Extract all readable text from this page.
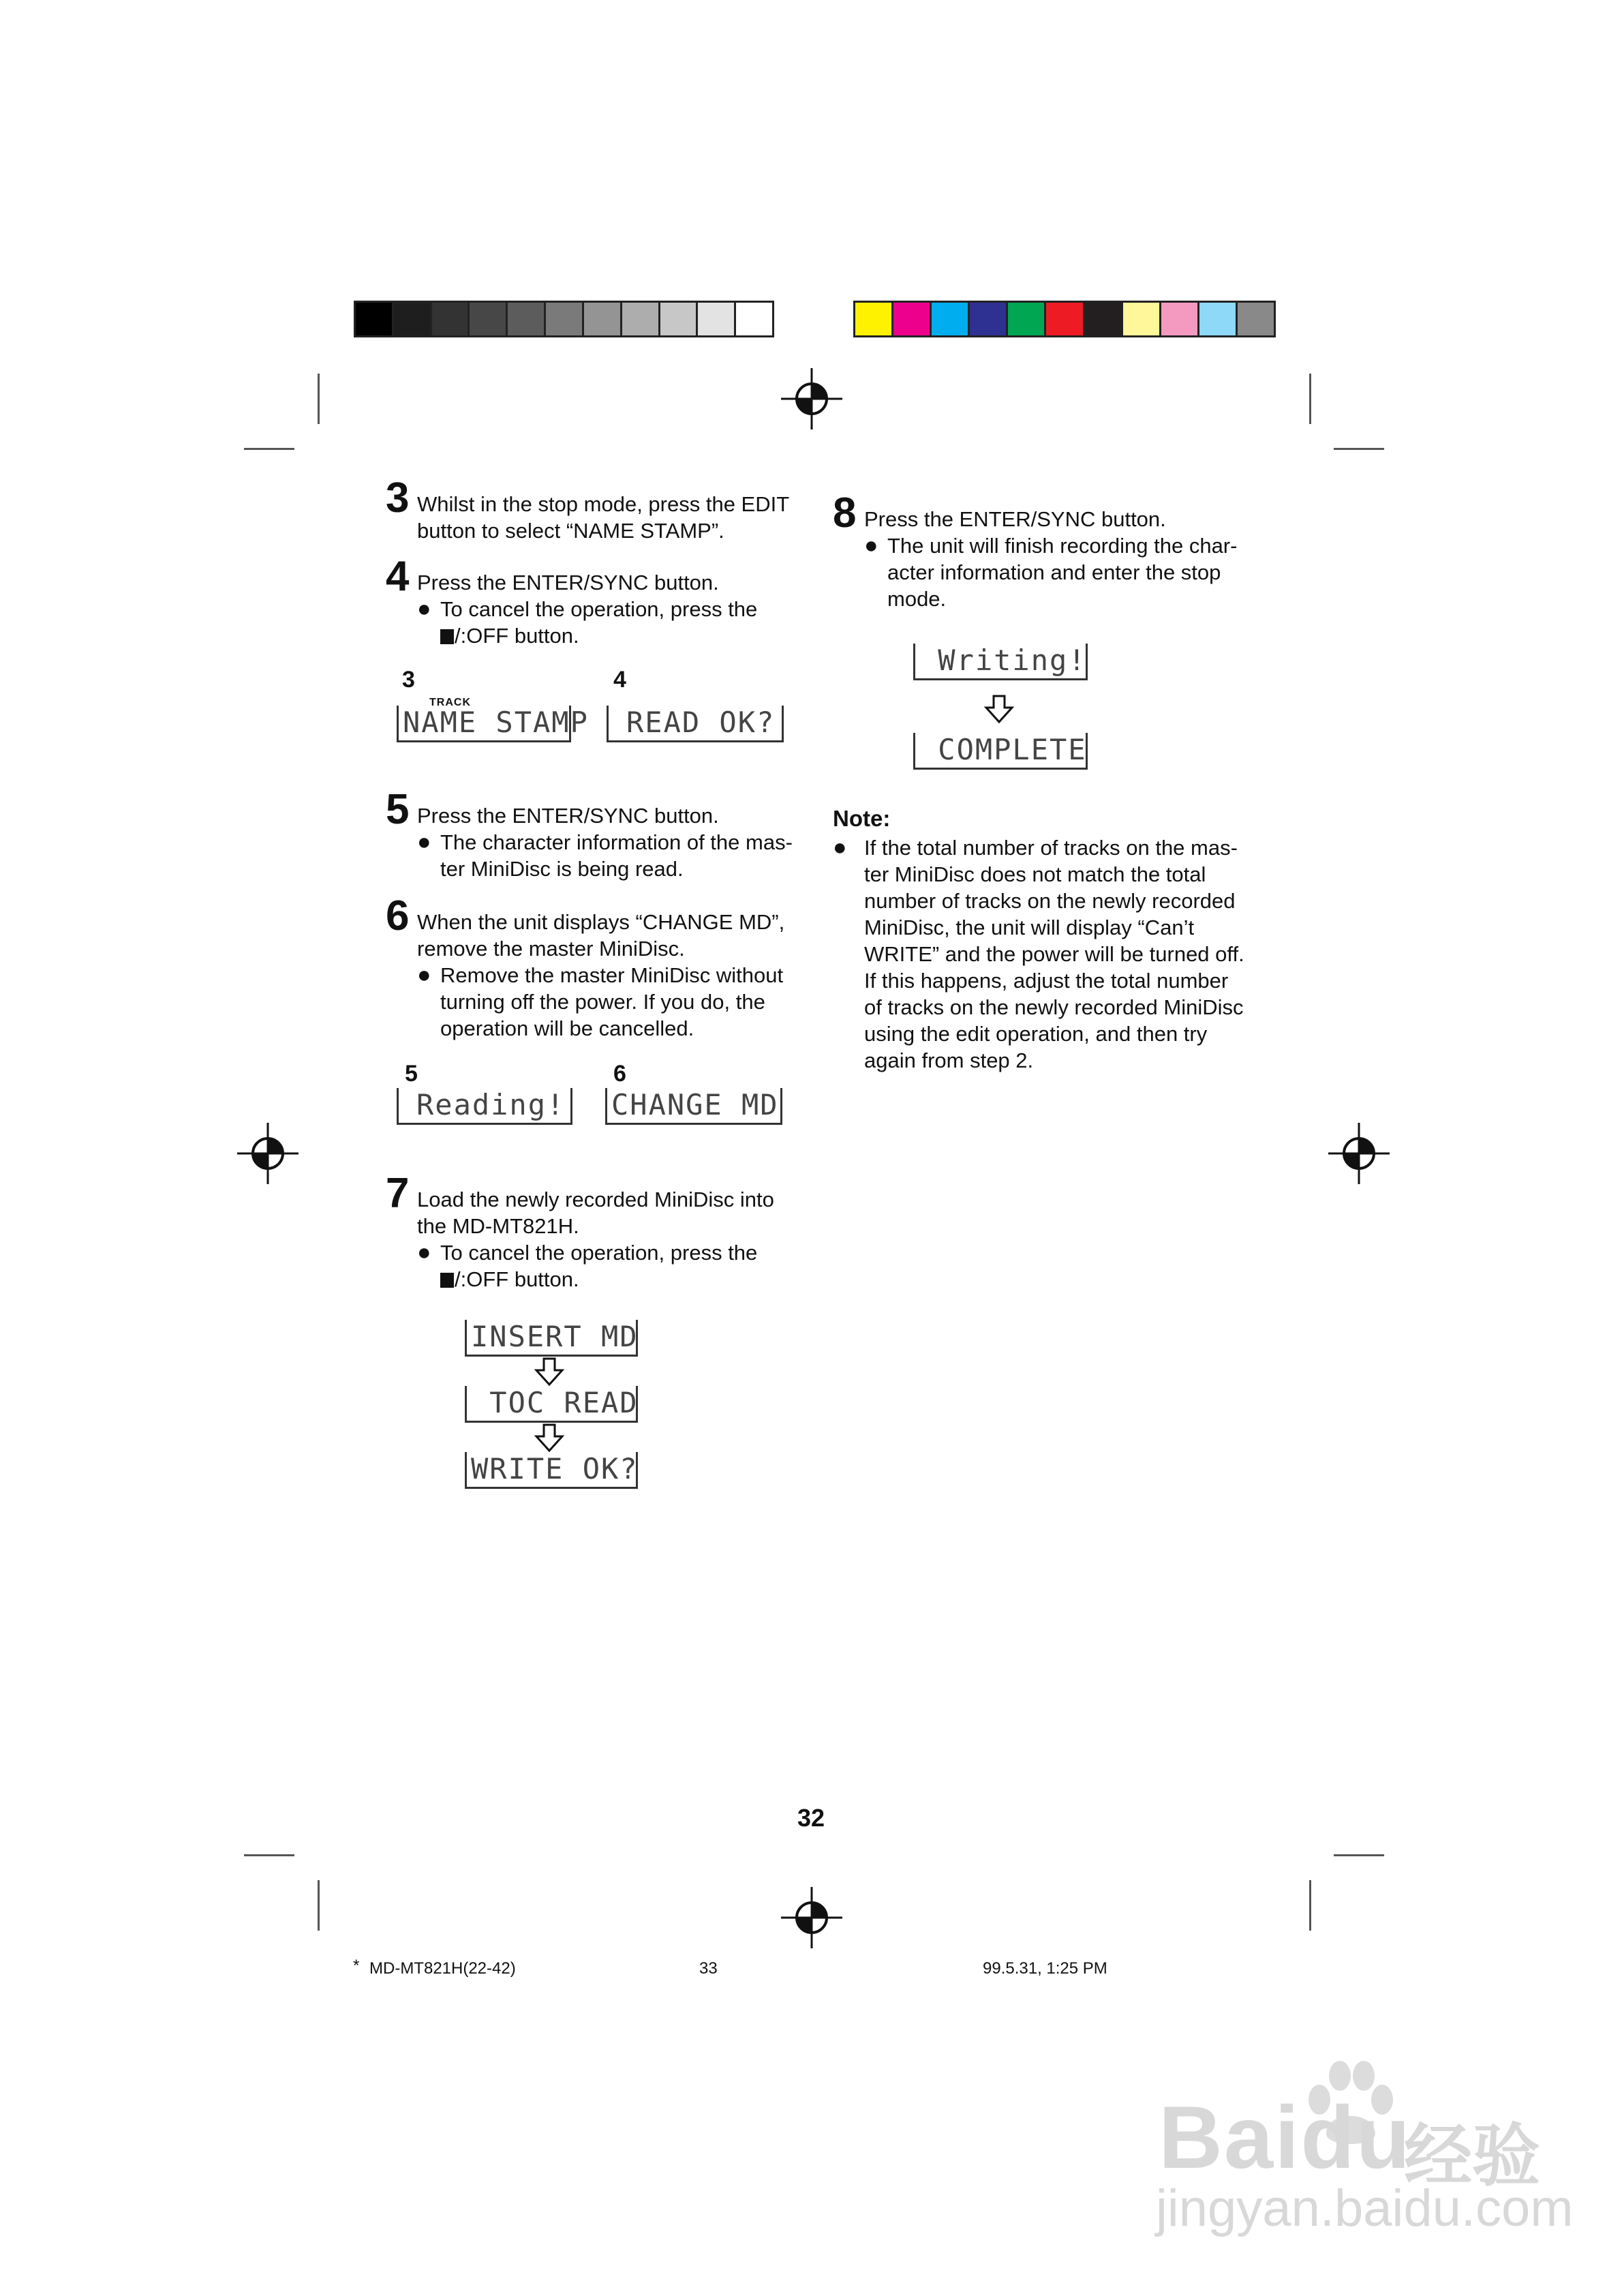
3 Whilst in the stop mode, press the EDIT button to select “NAME STAMP”.
4 Press the ENTER/SYNC button.
● To cancel the operation, press the
/:OFF button.
3
TRACK
NAME STAMP
4
READ OK?
5 Press the ENTER/SYNC button.
● The character information of the mas-
ter MiniDisc is being read.
6 When the unit displays “CHANGE MD”,
remove the master MiniDisc.
● Remove the master MiniDisc without
turning off the power. If you do, the
operation will be cancelled.
5
Reading!
6
CHANGE MD
7 Load the newly recorded MiniDisc into
the MD-MT821H.
● To cancel the operation, press the
/:OFF button.
INSERT MD
TOC READ
WRITE OK?
8 Press the ENTER/SYNC button.
● The unit will finish recording the char-
acter information and enter the stop
mode.
Writing!
COMPLETE
Note:
● If the total number of tracks on the mas-
ter MiniDisc does not match the total
number of tracks on the newly recorded
MiniDisc, the unit will display “Can’t
WRITE” and the power will be turned off.
If this happens, adjust the total number
of tracks on the newly recorded MiniDisc
using the edit operation, and then try
again from step 2.
32
* MD-MT821H(22-42)	33	99.5.31, 1:25 PM
Baidu
经验
jingyan.baidu.com
